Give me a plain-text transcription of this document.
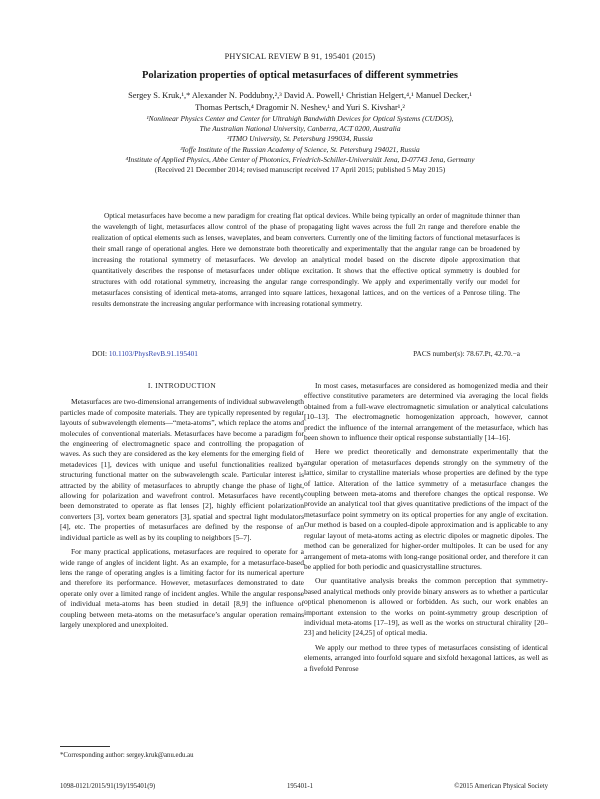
PHYSICAL REVIEW B 91, 195401 (2015)
Polarization properties of optical metasurfaces of different symmetries
Sergey S. Kruk,¹,* Alexander N. Poddubny,²,³ David A. Powell,¹ Christian Helgert,⁴,¹ Manuel Decker,¹
Thomas Pertsch,⁴ Dragomir N. Neshev,¹ and Yuri S. Kivshar¹,²
¹Nonlinear Physics Center and Center for Ultrahigh Bandwidth Devices for Optical Systems (CUDOS),
The Australian National University, Canberra, ACT 0200, Australia
²ITMO University, St. Petersburg 199034, Russia
³Ioffe Institute of the Russian Academy of Science, St. Petersburg 194021, Russia
⁴Institute of Applied Physics, Abbe Center of Photonics, Friedrich-Schiller-Universität Jena, D-07743 Jena, Germany
(Received 21 December 2014; revised manuscript received 17 April 2015; published 5 May 2015)
Optical metasurfaces have become a new paradigm for creating flat optical devices. While being typically an order of magnitude thinner than the wavelength of light, metasurfaces allow control of the phase of propagating light waves across the full 2π range and therefore enable the realization of optical elements such as lenses, waveplates, and beam converters. Currently one of the limiting factors of functional metasurfaces is their small range of operational angles. Here we demonstrate both theoretically and experimentally that the angular range can be broadened by increasing the rotational symmetry of metasurfaces. We develop an analytical model based on the discrete dipole approximation that quantitatively describes the response of metasurfaces under oblique excitation. It shows that the effective optical symmetry is doubled for structures with odd rotational symmetry, increasing the angular range correspondingly. We apply and experimentally verify our model for metasurfaces consisting of identical meta-atoms, arranged into square lattices, hexagonal lattices, and on the vertices of a Penrose tiling. The results demonstrate the increasing angular performance with increasing rotational symmetry.
DOI: 10.1103/PhysRevB.91.195401	PACS number(s): 78.67.Pt, 42.70.−a
I. INTRODUCTION

Metasurfaces are two-dimensional arrangements of individual subwavelength particles made of composite materials. They are typically represented by regular layouts of subwavelength elements—“meta-atoms”, which replace the atoms and molecules of conventional materials. Metasurfaces have become a paradigm for the engineering of electromagnetic space and controlling the propagation of waves. As such they are considered as the key elements for the emerging field of metadevices [1], devices with unique and useful functionalities realized by structuring functional matter on the subwavelength scale. Particular interest is attracted by the ability of metasurfaces to abruptly change the phase of light, allowing for polarization and wavefront control. Metasurfaces have recently been demonstrated to operate as flat lenses [2], highly efficient polarization converters [3], vortex beam generators [3], spatial and spectral light modulators [4], etc. The properties of metasurfaces are defined by the response of an individual particle as well as by its coupling to neighbors [5–7].

For many practical applications, metasurfaces are required to operate for a wide range of angles of incident light. As an example, for a metasurface-based lens the range of operating angles is a limiting factor for its numerical aperture and therefore its performance. However, metasurfaces demonstrated to date operate only over a limited range of incident angles. While the angular response of individual meta-atoms has been studied in detail [8,9] the influence of coupling between meta-atoms on the metasurface’s angular operation remains largely unexplored and unexploited.

In most cases, metasurfaces are considered as homogenized media and their effective constitutive parameters are determined via averaging the local fields obtained from a full-wave electromagnetic simulation or analytical calculations [10–13]. The electromagnetic homogenization approach, however, cannot predict the influence of the internal arrangement of the metasurface, which has been shown to influence their optical response substantially [14–16].

Here we predict theoretically and demonstrate experimentally that the angular operation of metasurfaces depends strongly on the symmetry of the lattice, similar to crystalline materials whose properties are defined by the type of lattice. Alteration of the lattice symmetry of a metasurface changes the coupling between meta-atoms and therefore changes the optical response. We provide an analytical tool that gives quantitative predictions of the impact of the metasurface point symmetry on its optical properties for any angle of excitation. Our method is based on a coupled-dipole approximation and is applicable to any regular layout of meta-atoms acting as electric dipoles or magnetic dipoles. The method can be generalized for higher-order multipoles. It can be used for any arrangement of meta-atoms with long-range positional order, and therefore it can be applied for both periodic and quasicrystalline structures.

Our quantitative analysis breaks the common perception that symmetry-based analytical methods only provide binary answers as to whether a particular optical phenomenon is allowed or forbidden. As such, our work enables an important extension to the works on point-symmetry group description of individual meta-atoms [17–19], as well as the works on structural chirality [20–23] and helicity [24,25] of optical media.

We apply our method to three types of metasurfaces consisting of identical elements, arranged into fourfold square and sixfold hexagonal lattices, as well as a fivefold Penrose

*Corresponding author: sergey.kruk@anu.edu.au
1098-0121/2015/91(19)/195401(9)	195401-1	©2015 American Physical Society
